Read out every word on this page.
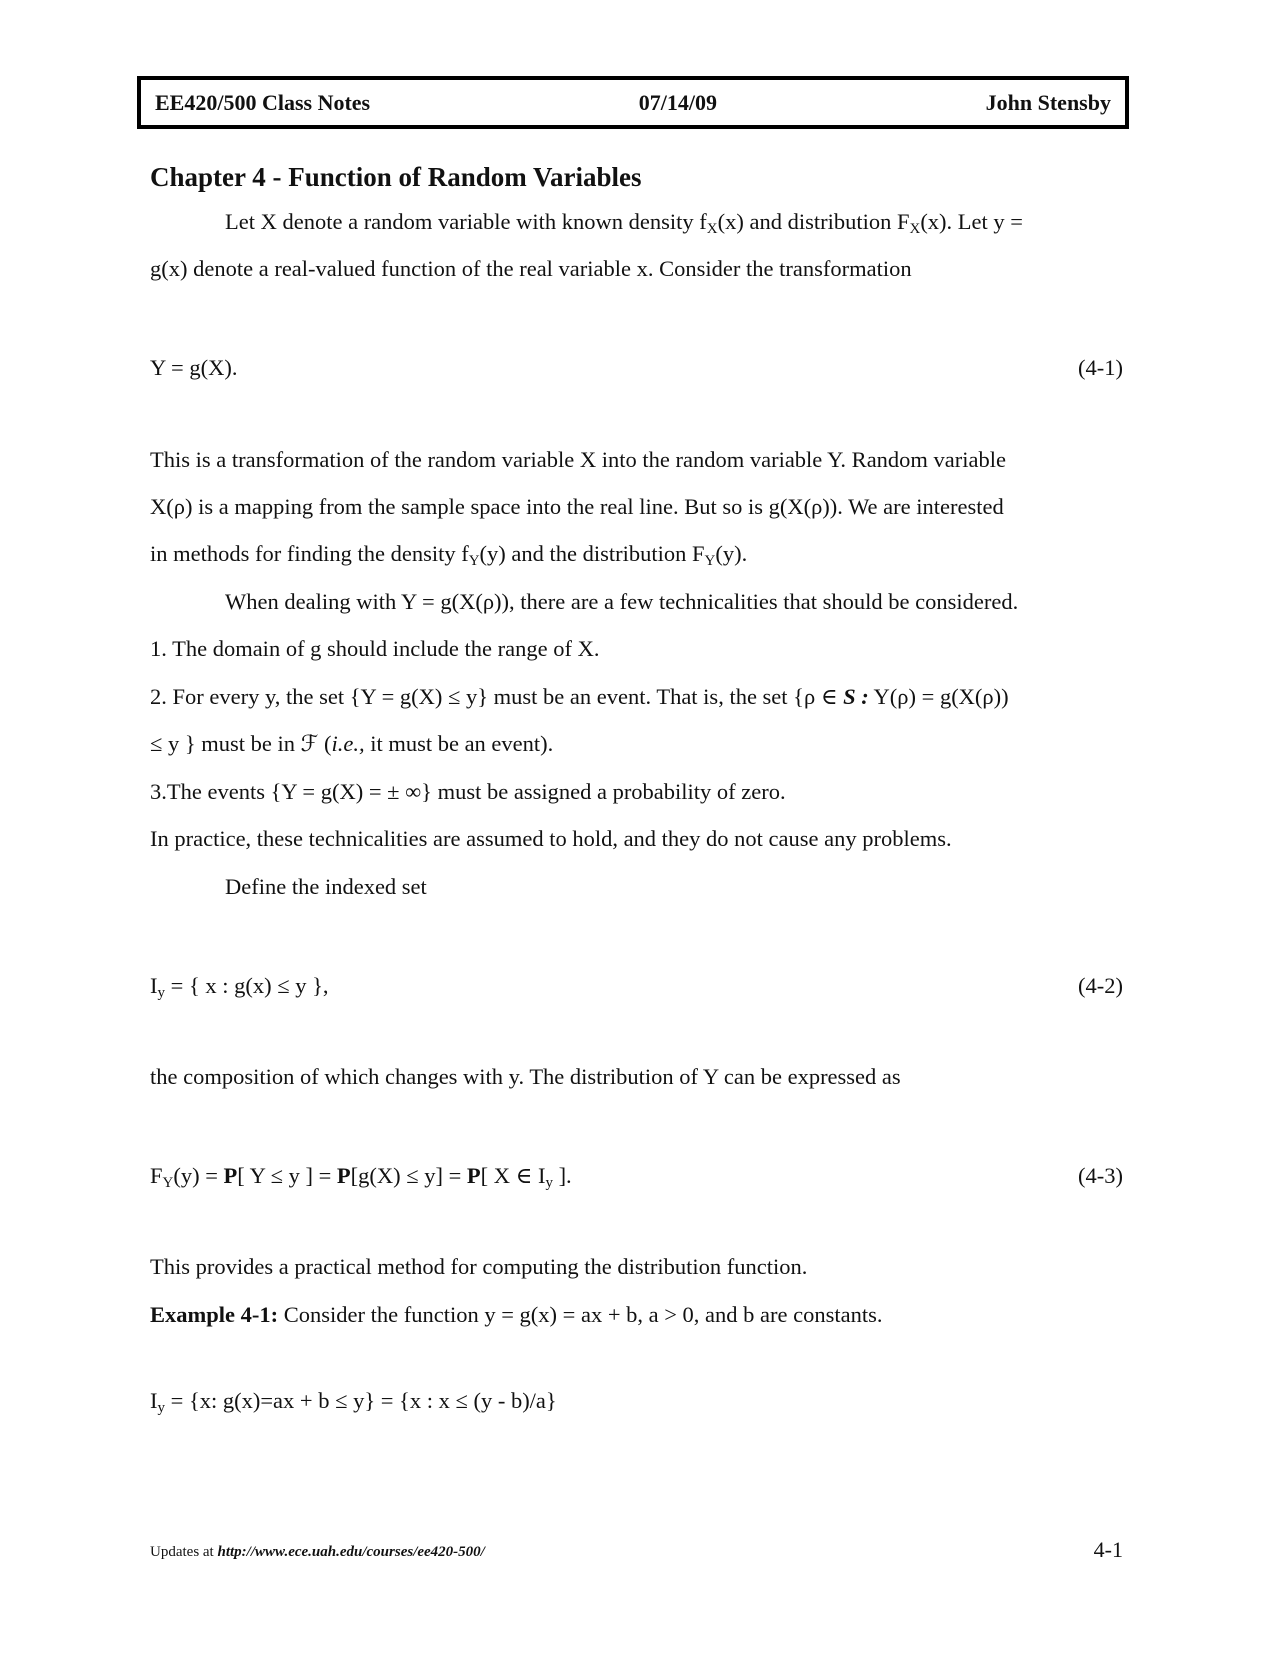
EE420/500 Class Notes	07/14/09	John Stensby
Chapter 4 - Function of Random Variables
Let X denote a random variable with known density $f_X(x)$ and distribution $F_X(x)$. Let y =
g(x) denote a real-valued function of the real variable x. Consider the transformation
Y = g(X).	(4-1)
This is a transformation of the random variable X into the random variable Y. Random variable
X(ρ) is a mapping from the sample space into the real line. But so is g(X(ρ)). We are interested
in methods for finding the density $f_Y(y)$ and the distribution $F_Y(y)$.
When dealing with Y = g(X(ρ)), there are a few technicalities that should be considered.
1. The domain of g should include the range of X.
2. For every y, the set {Y = g(X) ≤ y} must be an event. That is, the set {ρ ∈ S : Y(ρ) = g(X(ρ))
≤ y } must be in ℱ (i.e., it must be an event).
3.The events {Y = g(X) = ± ∞} must be assigned a probability of zero.
In practice, these technicalities are assumed to hold, and they do not cause any problems.
Define the indexed set
$I_y$ = { x : g(x) ≤ y },	(4-2)
the composition of which changes with y. The distribution of Y can be expressed as
$F_Y(y) = P$[ Y ≤ y ] = P[g(X) ≤ y] = P[ X ∈ $I_y$ ].	(4-3)
This provides a practical method for computing the distribution function.
Example 4-1: Consider the function y = g(x) = ax + b, a > 0, and b are constants.
$I_y = \{x$: g(x)=ax + b ≤ y} = {x : x ≤ (y - b)/a}
Updates at http://www.ece.uah.edu/courses/ee420-500/	4-1
